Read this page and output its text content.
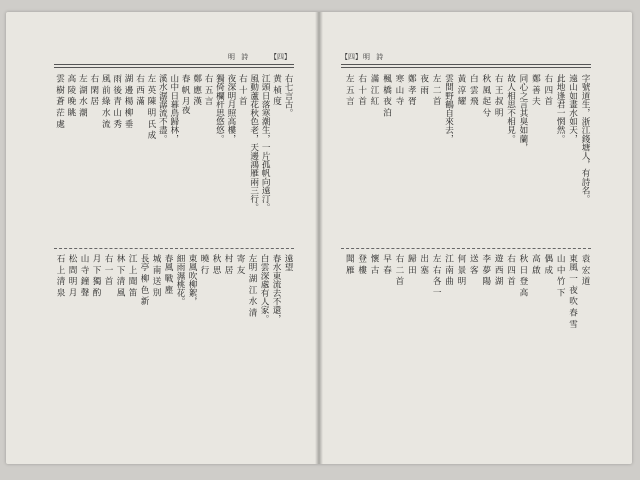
【四】
明 詩
右七言古。
黄 楨 度
江頭日落寒潮生，一片孤帆向遠汀。
風動蘆花秋色老，天邊鴻雁兩三行。
右 十 首
夜深明月照高樓，
獨倚欄杆思悠悠。
右 五 言
鄭 應 漢
春 帆 月夜
山中日暮鳥歸林，
溪水潺潺流不盡。
左 英 陳 明 氏 成
右 西 滿
湖 邊 楊 柳 垂
雨 後 青 山 秀
風 前 綠 水 流
右 閑 居
左 湖 水 潮
高 陵 晚 眺
雲 樹 蒼 茫 處
遠望
春水東流去不還，
白雲深處有人家。
左明 湖 江 水 清
寄 友
村 居
秋 思
曉 行
東風吹柳絮，
細雨濕桃花。
春風 戰 塵
城 南 送 別
長亭 柳 色 新
江 上 聞 笛
林 下 清 風
右 一 首
月 下 獨 酌
山 寺 鐘 聲
松 間 明 月
石 上 清 泉
【四】 明 詩
字號道生，浙江錢塘人，有詩名。
遠山如畫水如天，
此地逢君一惘然。
右 四 首
鄭 善 夫
同心之言其臭如蘭，
故人相思不相見。
右 王 叔 明
秋 風 起 兮
白 雲 飛
黃 淳 耀
雲間野鶴自來去，
左 二 首
夜 雨
鄭 孝 胥
寒 山 寺
楓 橋 夜 泊
滿 江 紅
右 十 首
左 五 言
袁 宏 道
東風 一 夜 吹 春 雪
山 中 竹 下
偶 成
高 啟
秋 日 登 高
右 四 首
遊 西 湖
李 夢 陽
送 客
何 景 明
江 南 曲
左 右 各 一
出 塞
歸 田
右 二 首
早 春
懷 古
登 樓
聞 雁
